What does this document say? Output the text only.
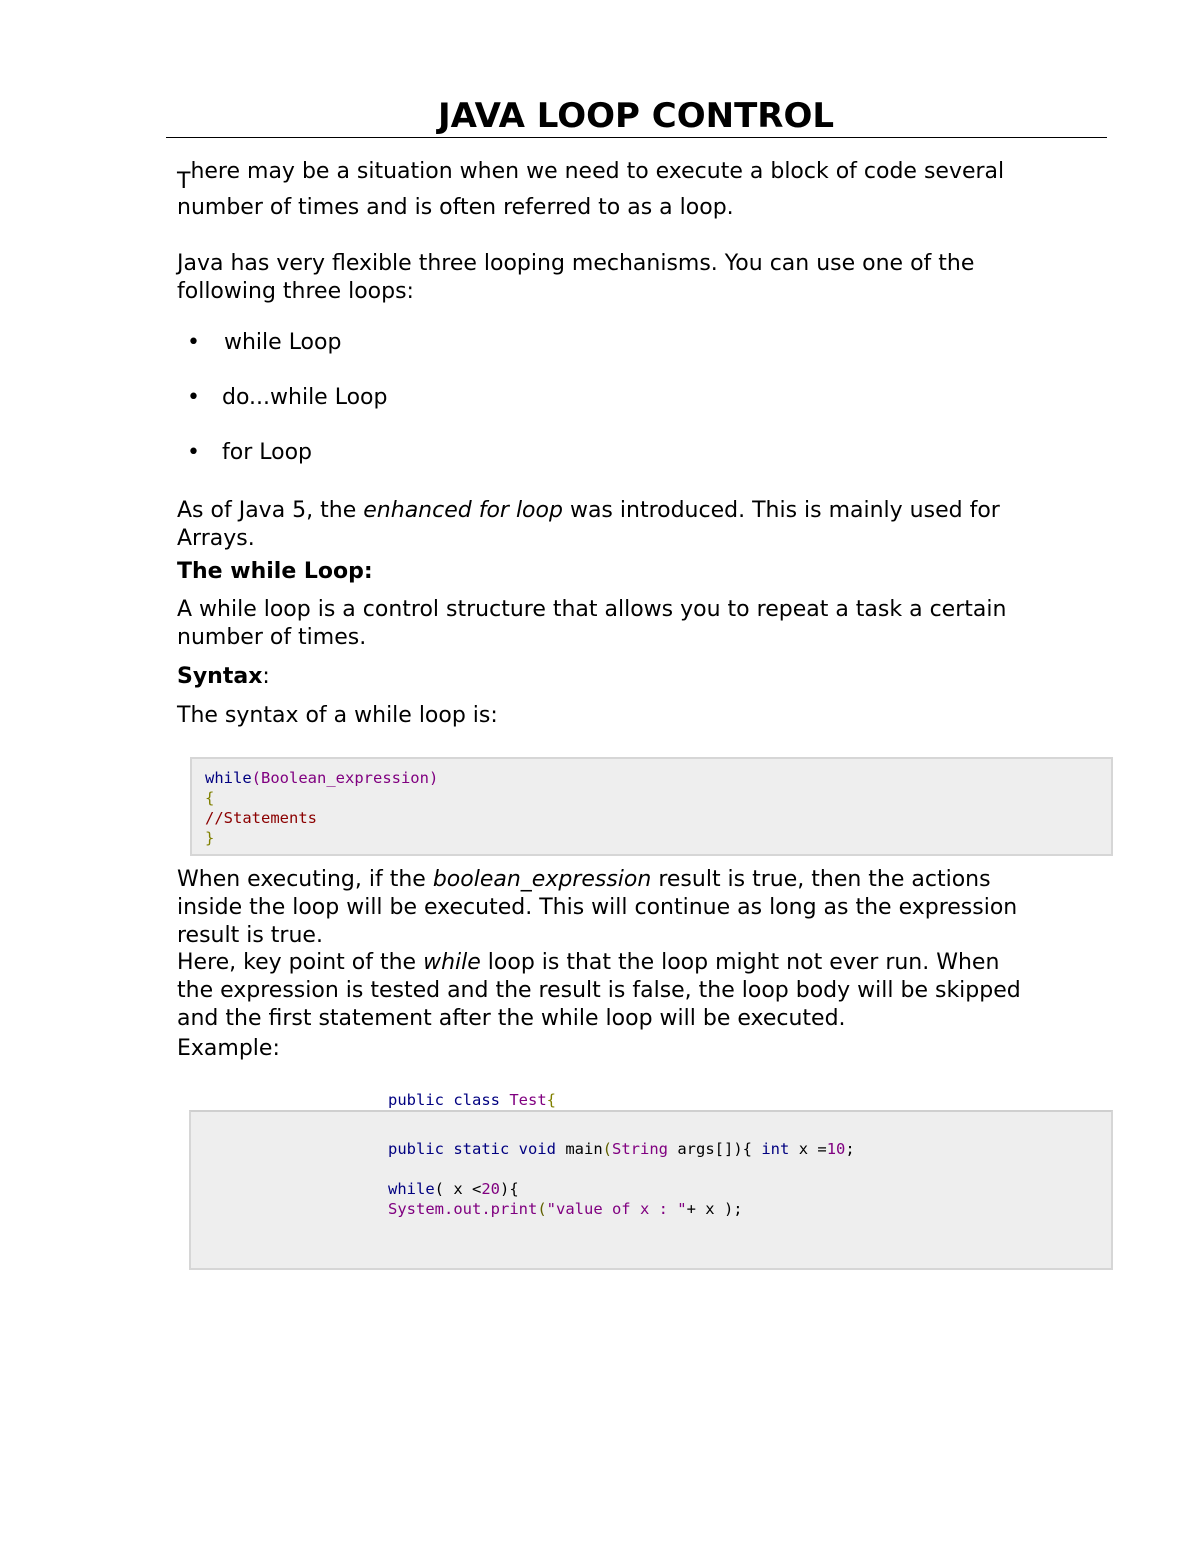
JAVA LOOP CONTROL

There may be a situation when we need to execute a block of code several
number of times and is often referred to as a loop.

Java has very flexible three looping mechanisms. You can use one of the
following three loops:

• while Loop
• do...while Loop
• for Loop

As of Java 5, the enhanced for loop was introduced. This is mainly used for
Arrays.

The while Loop:

A while loop is a control structure that allows you to repeat a task a certain
number of times.

Syntax:

The syntax of a while loop is:

while(Boolean_expression)
{
//Statements
}

When executing, if the boolean_expression result is true, then the actions
inside the loop will be executed. This will continue as long as the expression
result is true.

Here, key point of the while loop is that the loop might not ever run. When
the expression is tested and the result is false, the loop body will be skipped
and the first statement after the while loop will be executed.

Example:

public class Test{
public static void main(String args[]){ int x =10;

while( x <20){
System.out.print("value of x : "+ x );
